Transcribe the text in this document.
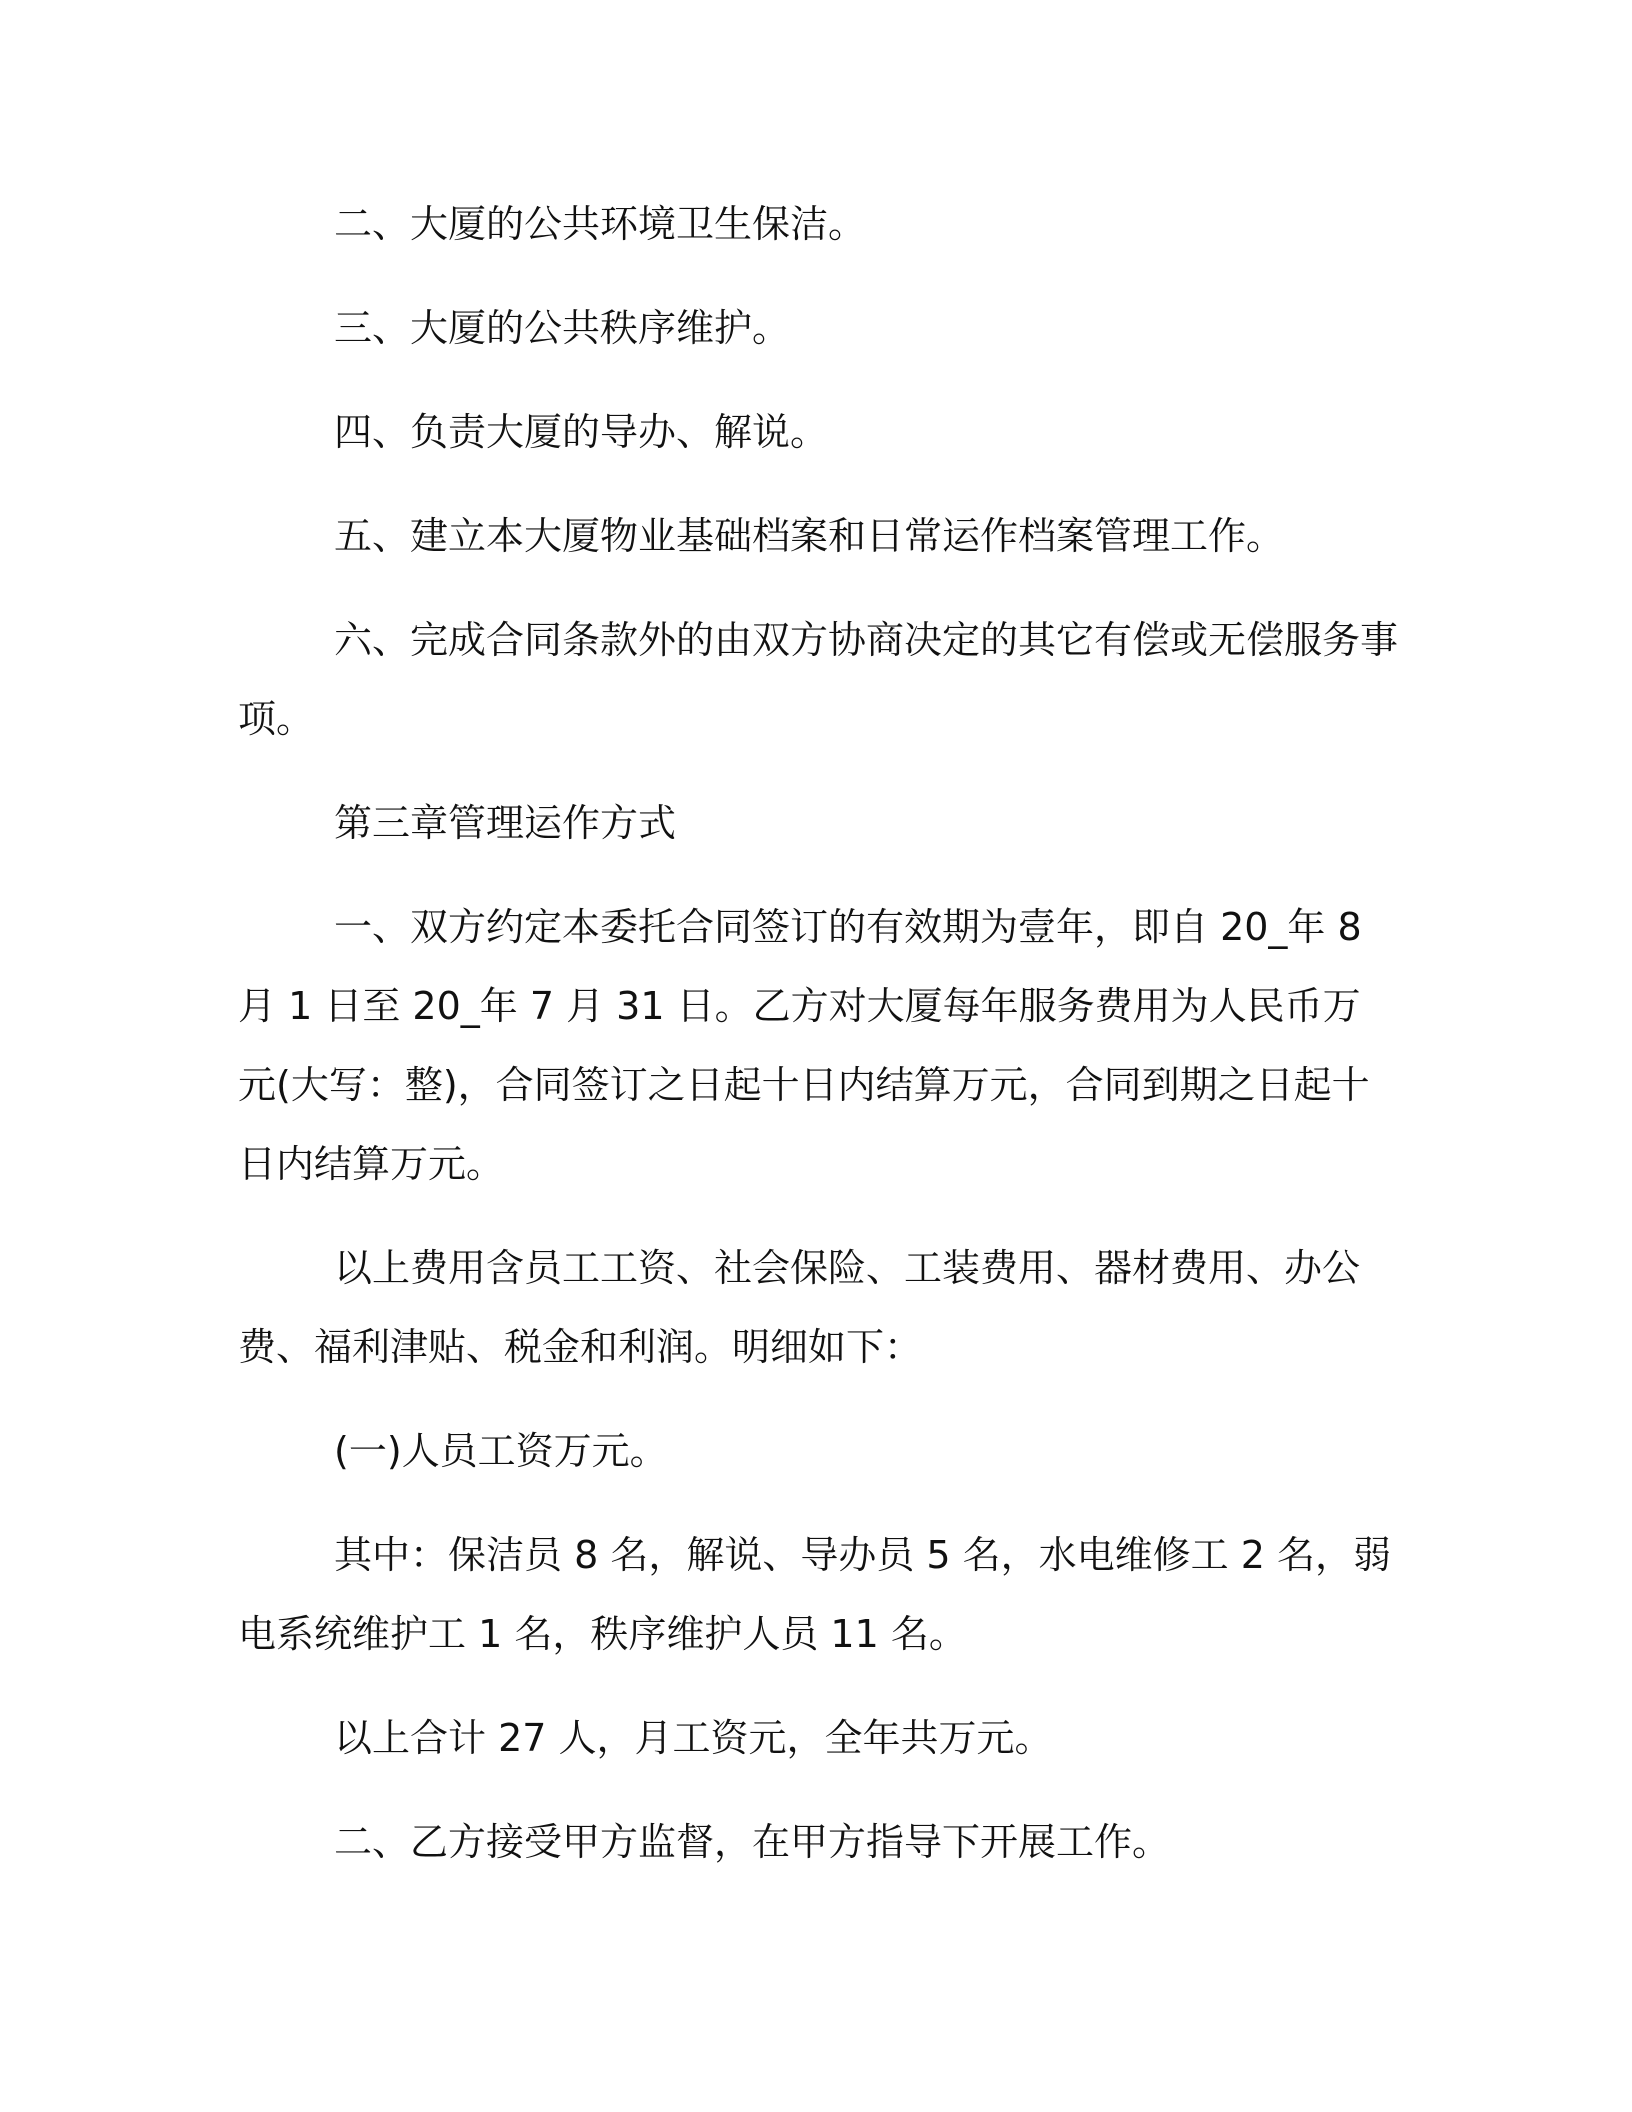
二、大厦的公共环境卫生保洁。

三、大厦的公共秩序维护。

四、负责大厦的导办、解说。

五、建立本大厦物业基础档案和日常运作档案管理工作。

六、完成合同条款外的由双方协商决定的其它有偿或无偿服务事项。

第三章管理运作方式

一、双方约定本委托合同签订的有效期为壹年，即自 20_年 8 月 1 日至 20_年 7 月 31 日。乙方对大厦每年服务费用为人民币万元(大写：整)，合同签订之日起十日内结算万元，合同到期之日起十日内结算万元。

以上费用含员工工资、社会保险、工装费用、器材费用、办公费、福利津贴、税金和利润。明细如下：

(一)人员工资万元。

其中：保洁员 8 名，解说、导办员 5 名，水电维修工 2 名，弱电系统维护工 1 名，秩序维护人员 11 名。

以上合计 27 人，月工资元，全年共万元。

二、乙方接受甲方监督，在甲方指导下开展工作。
